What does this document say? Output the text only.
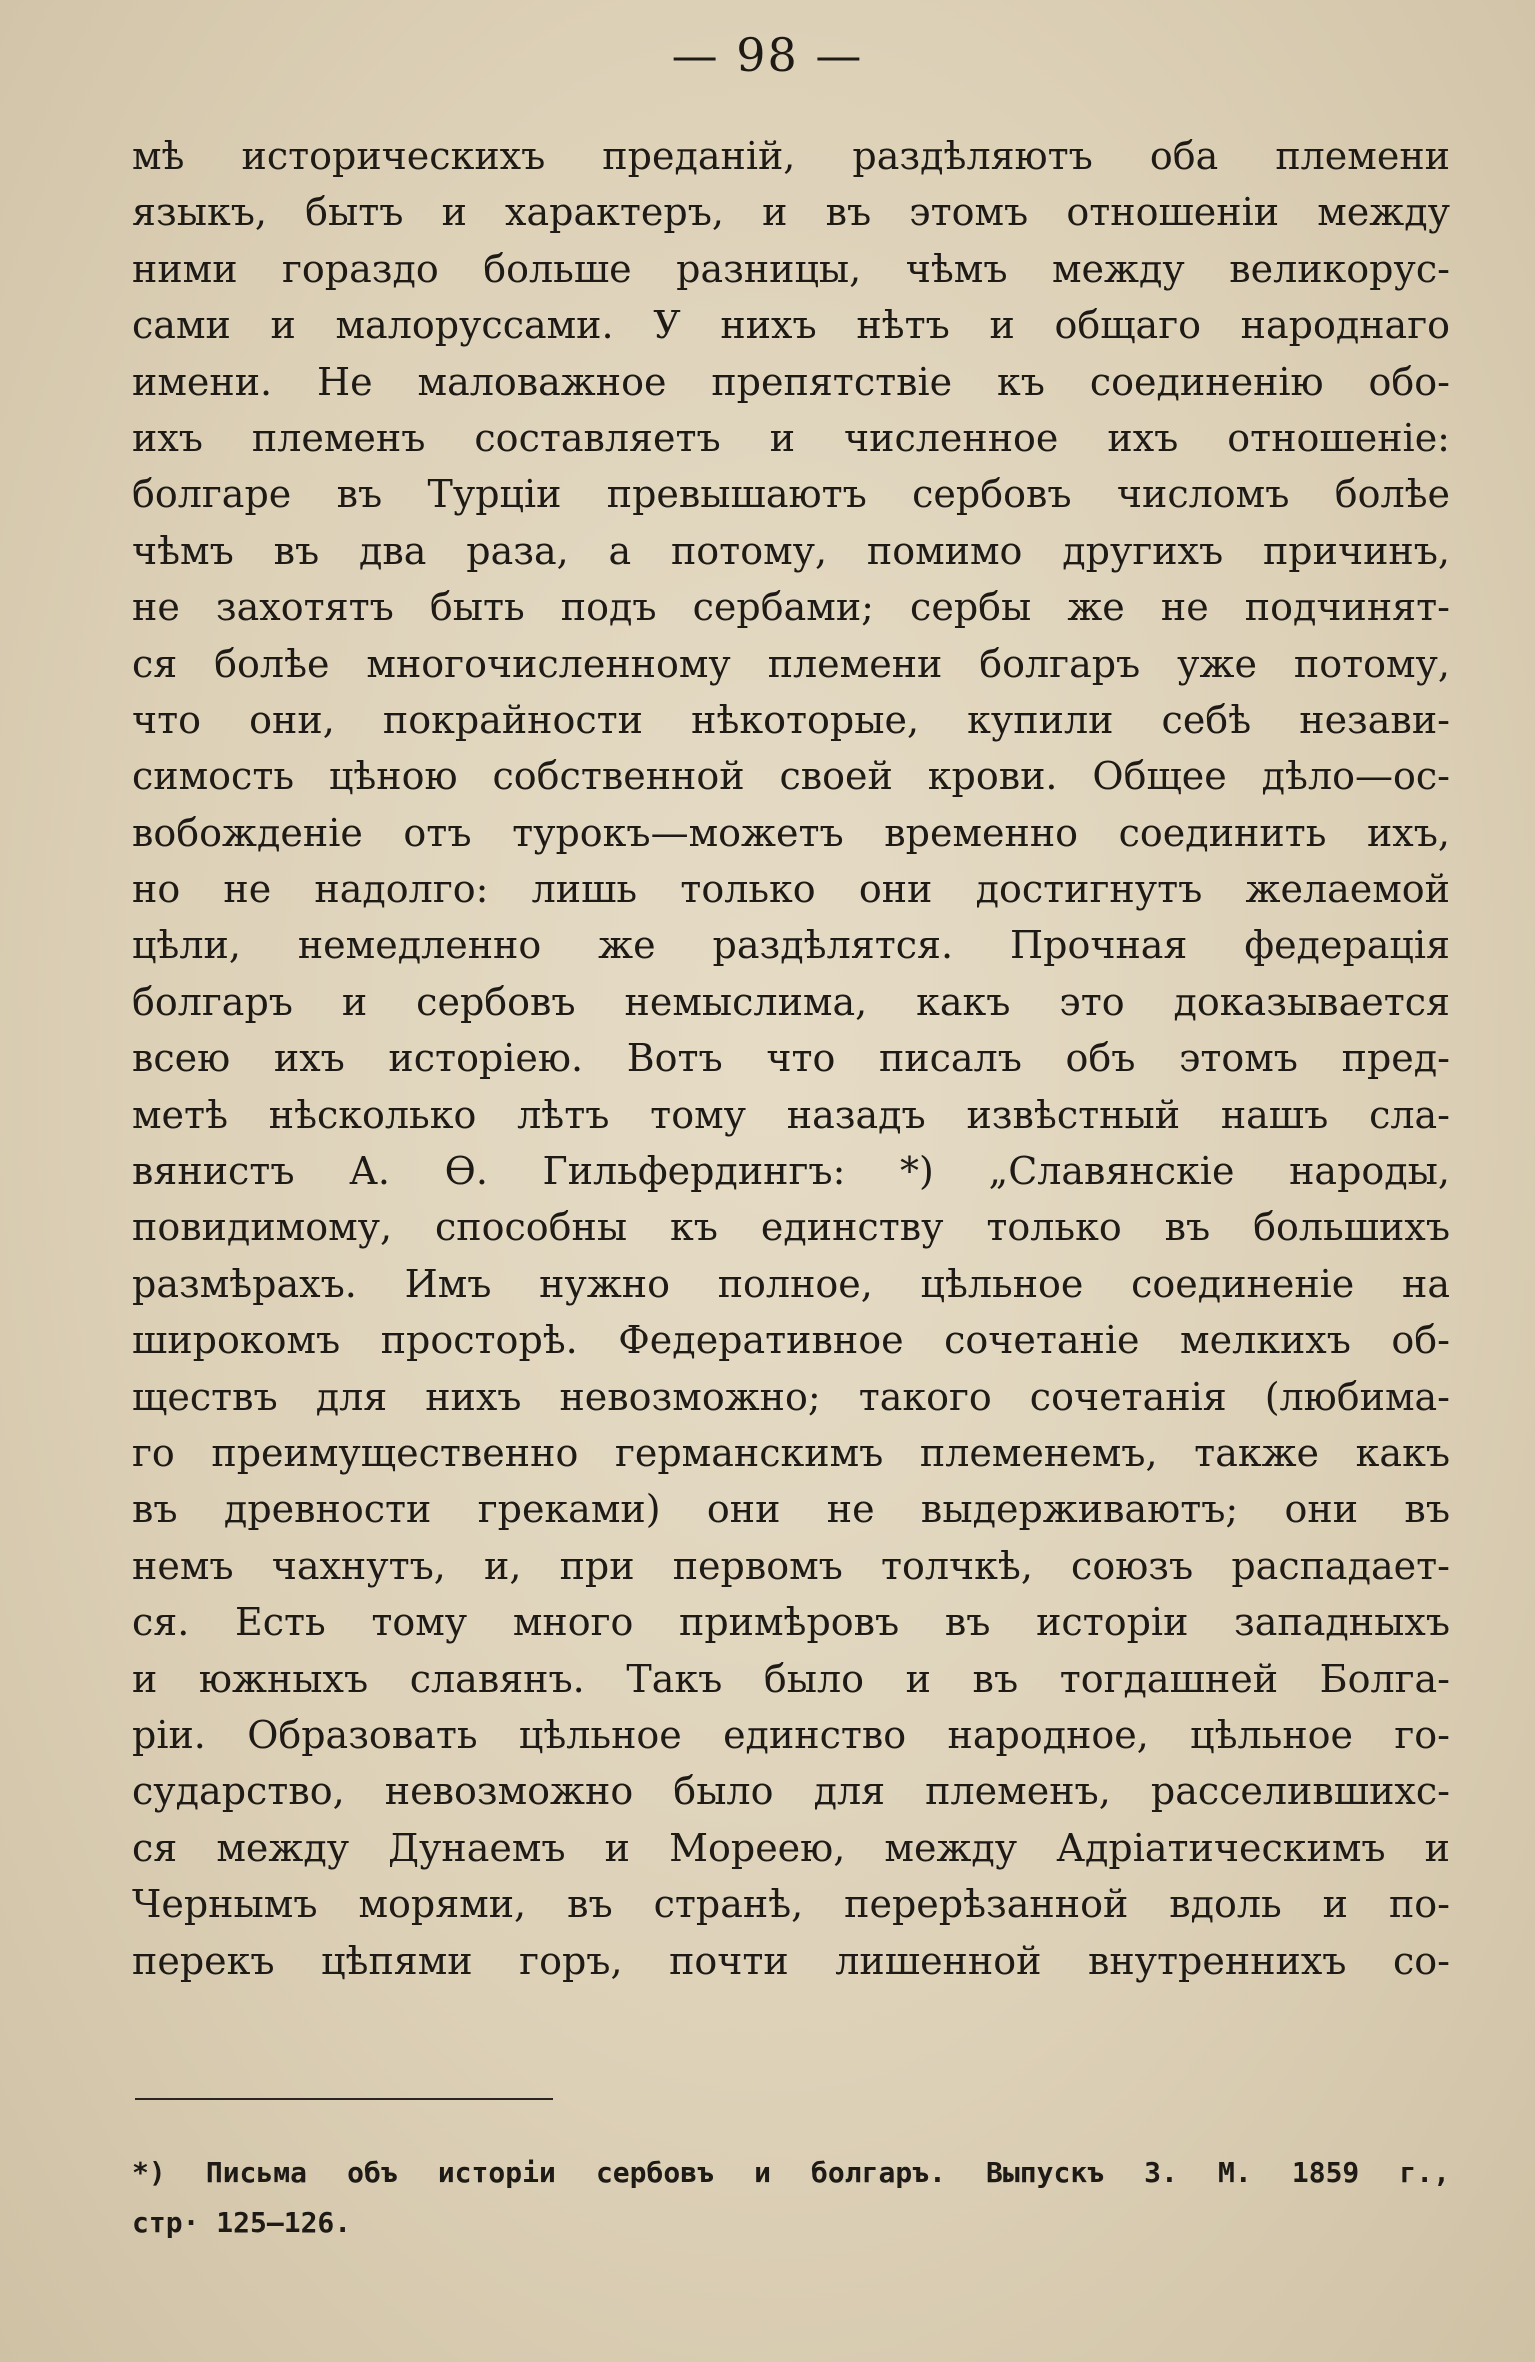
— 98 —
мѣ историческихъ преданій, раздѣляютъ оба племени
языкъ, бытъ и характеръ, и въ этомъ отношеніи между
ними гораздо больше разницы, чѣмъ между великорус-
сами и малоруссами. У нихъ нѣтъ и общаго народнаго
имени. Не маловажное препятствіе къ соединенію обо-
ихъ племенъ составляетъ и численное ихъ отношеніе:
болгаре въ Турціи превышаютъ сербовъ числомъ болѣе
чѣмъ въ два раза, а потому, помимо другихъ причинъ,
не захотятъ быть подъ сербами; сербы же не подчинят-
ся болѣе многочисленному племени болгаръ уже потому,
что они, покрайности нѣкоторые, купили себѣ незави-
симость цѣною собственной своей крови. Общее дѣло—ос-
вобожденіе отъ турокъ—можетъ временно соединить ихъ,
но не надолго: лишь только они достигнутъ желаемой
цѣли, немедленно же раздѣлятся. Прочная федерація
болгаръ и сербовъ немыслима, какъ это доказывается
всею ихъ исторіею. Вотъ что писалъ объ этомъ пред-
метѣ нѣсколько лѣтъ тому назадъ извѣстный нашъ сла-
вянистъ А. Ѳ. Гильфердингъ: *) „Славянскіе народы,
повидимому, способны къ единству только въ большихъ
размѣрахъ. Имъ нужно полное, цѣльное соединеніе на
широкомъ просторѣ. Федеративное сочетаніе мелкихъ об-
ществъ для нихъ невозможно; такого сочетанія (любима-
го преимущественно германскимъ племенемъ, также какъ
въ древности греками) они не выдерживаютъ; они въ
немъ чахнутъ, и, при первомъ толчкѣ, союзъ распадает-
ся. Есть тому много примѣровъ въ исторіи западныхъ
и южныхъ славянъ. Такъ было и въ тогдашней Болга-
ріи. Образовать цѣльное единство народное, цѣльное го-
сударство, невозможно было для племенъ, расселившихс-
ся между Дунаемъ и Мореею, между Адріатическимъ и
Чернымъ морями, въ странѣ, перерѣзанной вдоль и по-
перекъ цѣпями горъ, почти лишенной внутреннихъ со-
*) Письма объ исторіи сербовъ и болгаръ. Выпускъ 3. М. 1859 г.,
стр· 125—126.
